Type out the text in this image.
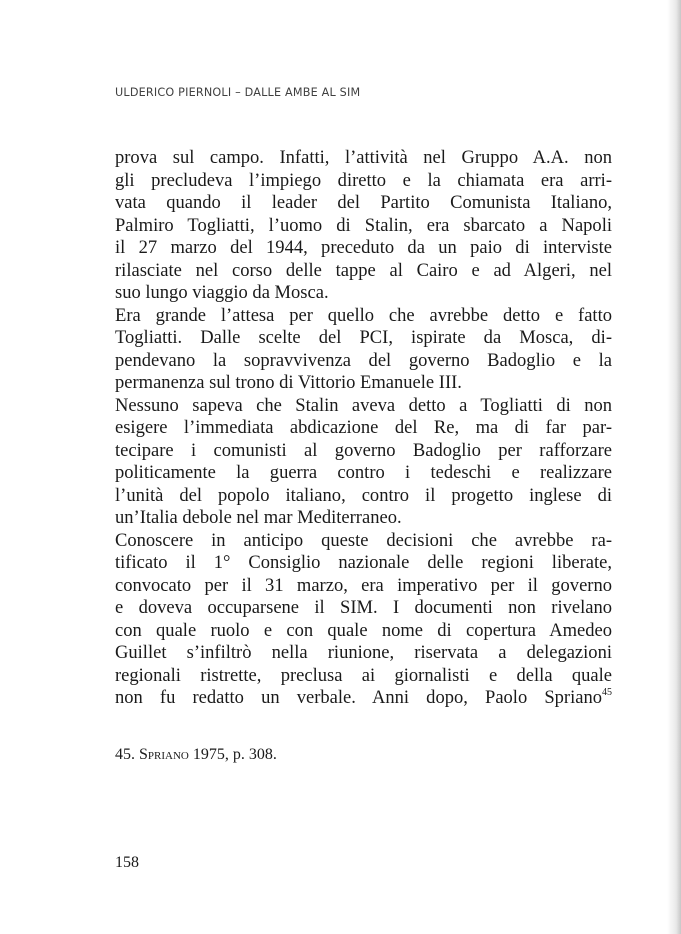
ULDERICO PIERNOLI – DALLE AMBE AL SIM
prova sul campo. Infatti, l’attività nel Gruppo A.A. non
gli precludeva l’impiego diretto e la chiamata era arri-
vata quando il leader del Partito Comunista Italiano,
Palmiro Togliatti, l’uomo di Stalin, era sbarcato a Napoli
il 27 marzo del 1944, preceduto da un paio di interviste
rilasciate nel corso delle tappe al Cairo e ad Algeri, nel
suo lungo viaggio da Mosca.
Era grande l’attesa per quello che avrebbe detto e fatto
Togliatti. Dalle scelte del PCI, ispirate da Mosca, di-
pendevano la sopravvivenza del governo Badoglio e la
permanenza sul trono di Vittorio Emanuele III.
Nessuno sapeva che Stalin aveva detto a Togliatti di non
esigere l’immediata abdicazione del Re, ma di far par-
tecipare i comunisti al governo Badoglio per rafforzare
politicamente la guerra contro i tedeschi e realizzare
l’unità del popolo italiano, contro il progetto inglese di
un’Italia debole nel mar Mediterraneo.
Conoscere in anticipo queste decisioni che avrebbe ra-
tificato il 1° Consiglio nazionale delle regioni liberate,
convocato per il 31 marzo, era imperativo per il governo
e doveva occuparsene il SIM. I documenti non rivelano
con quale ruolo e con quale nome di copertura Amedeo
Guillet s’infiltrò nella riunione, riservata a delegazioni
regionali ristrette, preclusa ai giornalisti e della quale
non fu redatto un verbale. Anni dopo, Paolo Spriano$^{45}$
45. Spriano 1975, p. 308.
158
